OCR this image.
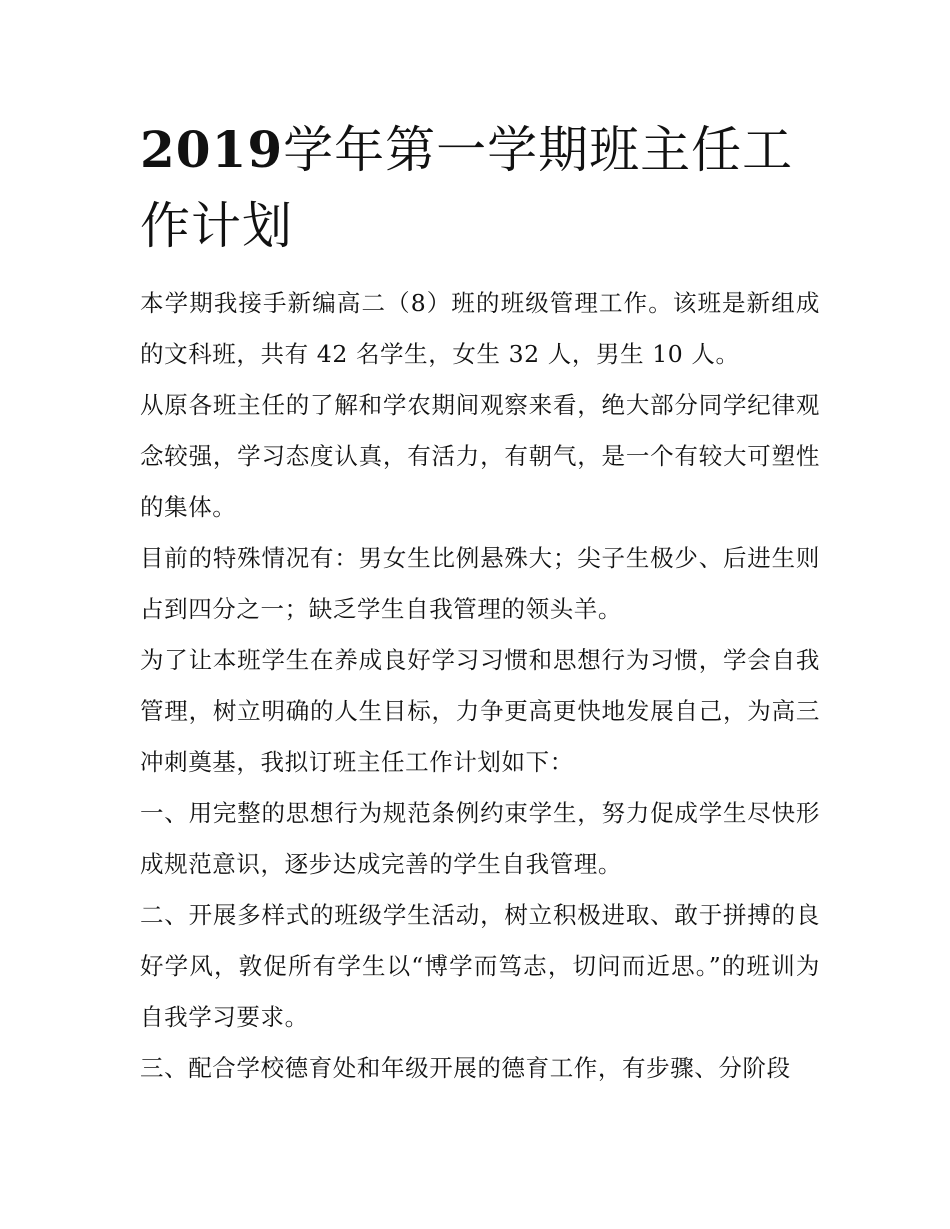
2019学年第一学期班主任工作计划

本学期我接手新编高二（8）班的班级管理工作。该班是新组成的文科班，共有 42 名学生，女生 32 人，男生 10 人。

从原各班主任的了解和学农期间观察来看，绝大部分同学纪律观念较强，学习态度认真，有活力，有朝气，是一个有较大可塑性的集体。

目前的特殊情况有：男女生比例悬殊大；尖子生极少、后进生则占到四分之一；缺乏学生自我管理的领头羊。

为了让本班学生在养成良好学习习惯和思想行为习惯，学会自我管理，树立明确的人生目标，力争更高更快地发展自己，为高三冲刺奠基，我拟订班主任工作计划如下：

一、用完整的思想行为规范条例约束学生，努力促成学生尽快形成规范意识，逐步达成完善的学生自我管理。

二、开展多样式的班级学生活动，树立积极进取、敢于拼搏的良好学风，敦促所有学生以“博学而笃志，切问而近思。”的班训为自我学习要求。

三、配合学校德育处和年级开展的德育工作，有步骤、分阶段
